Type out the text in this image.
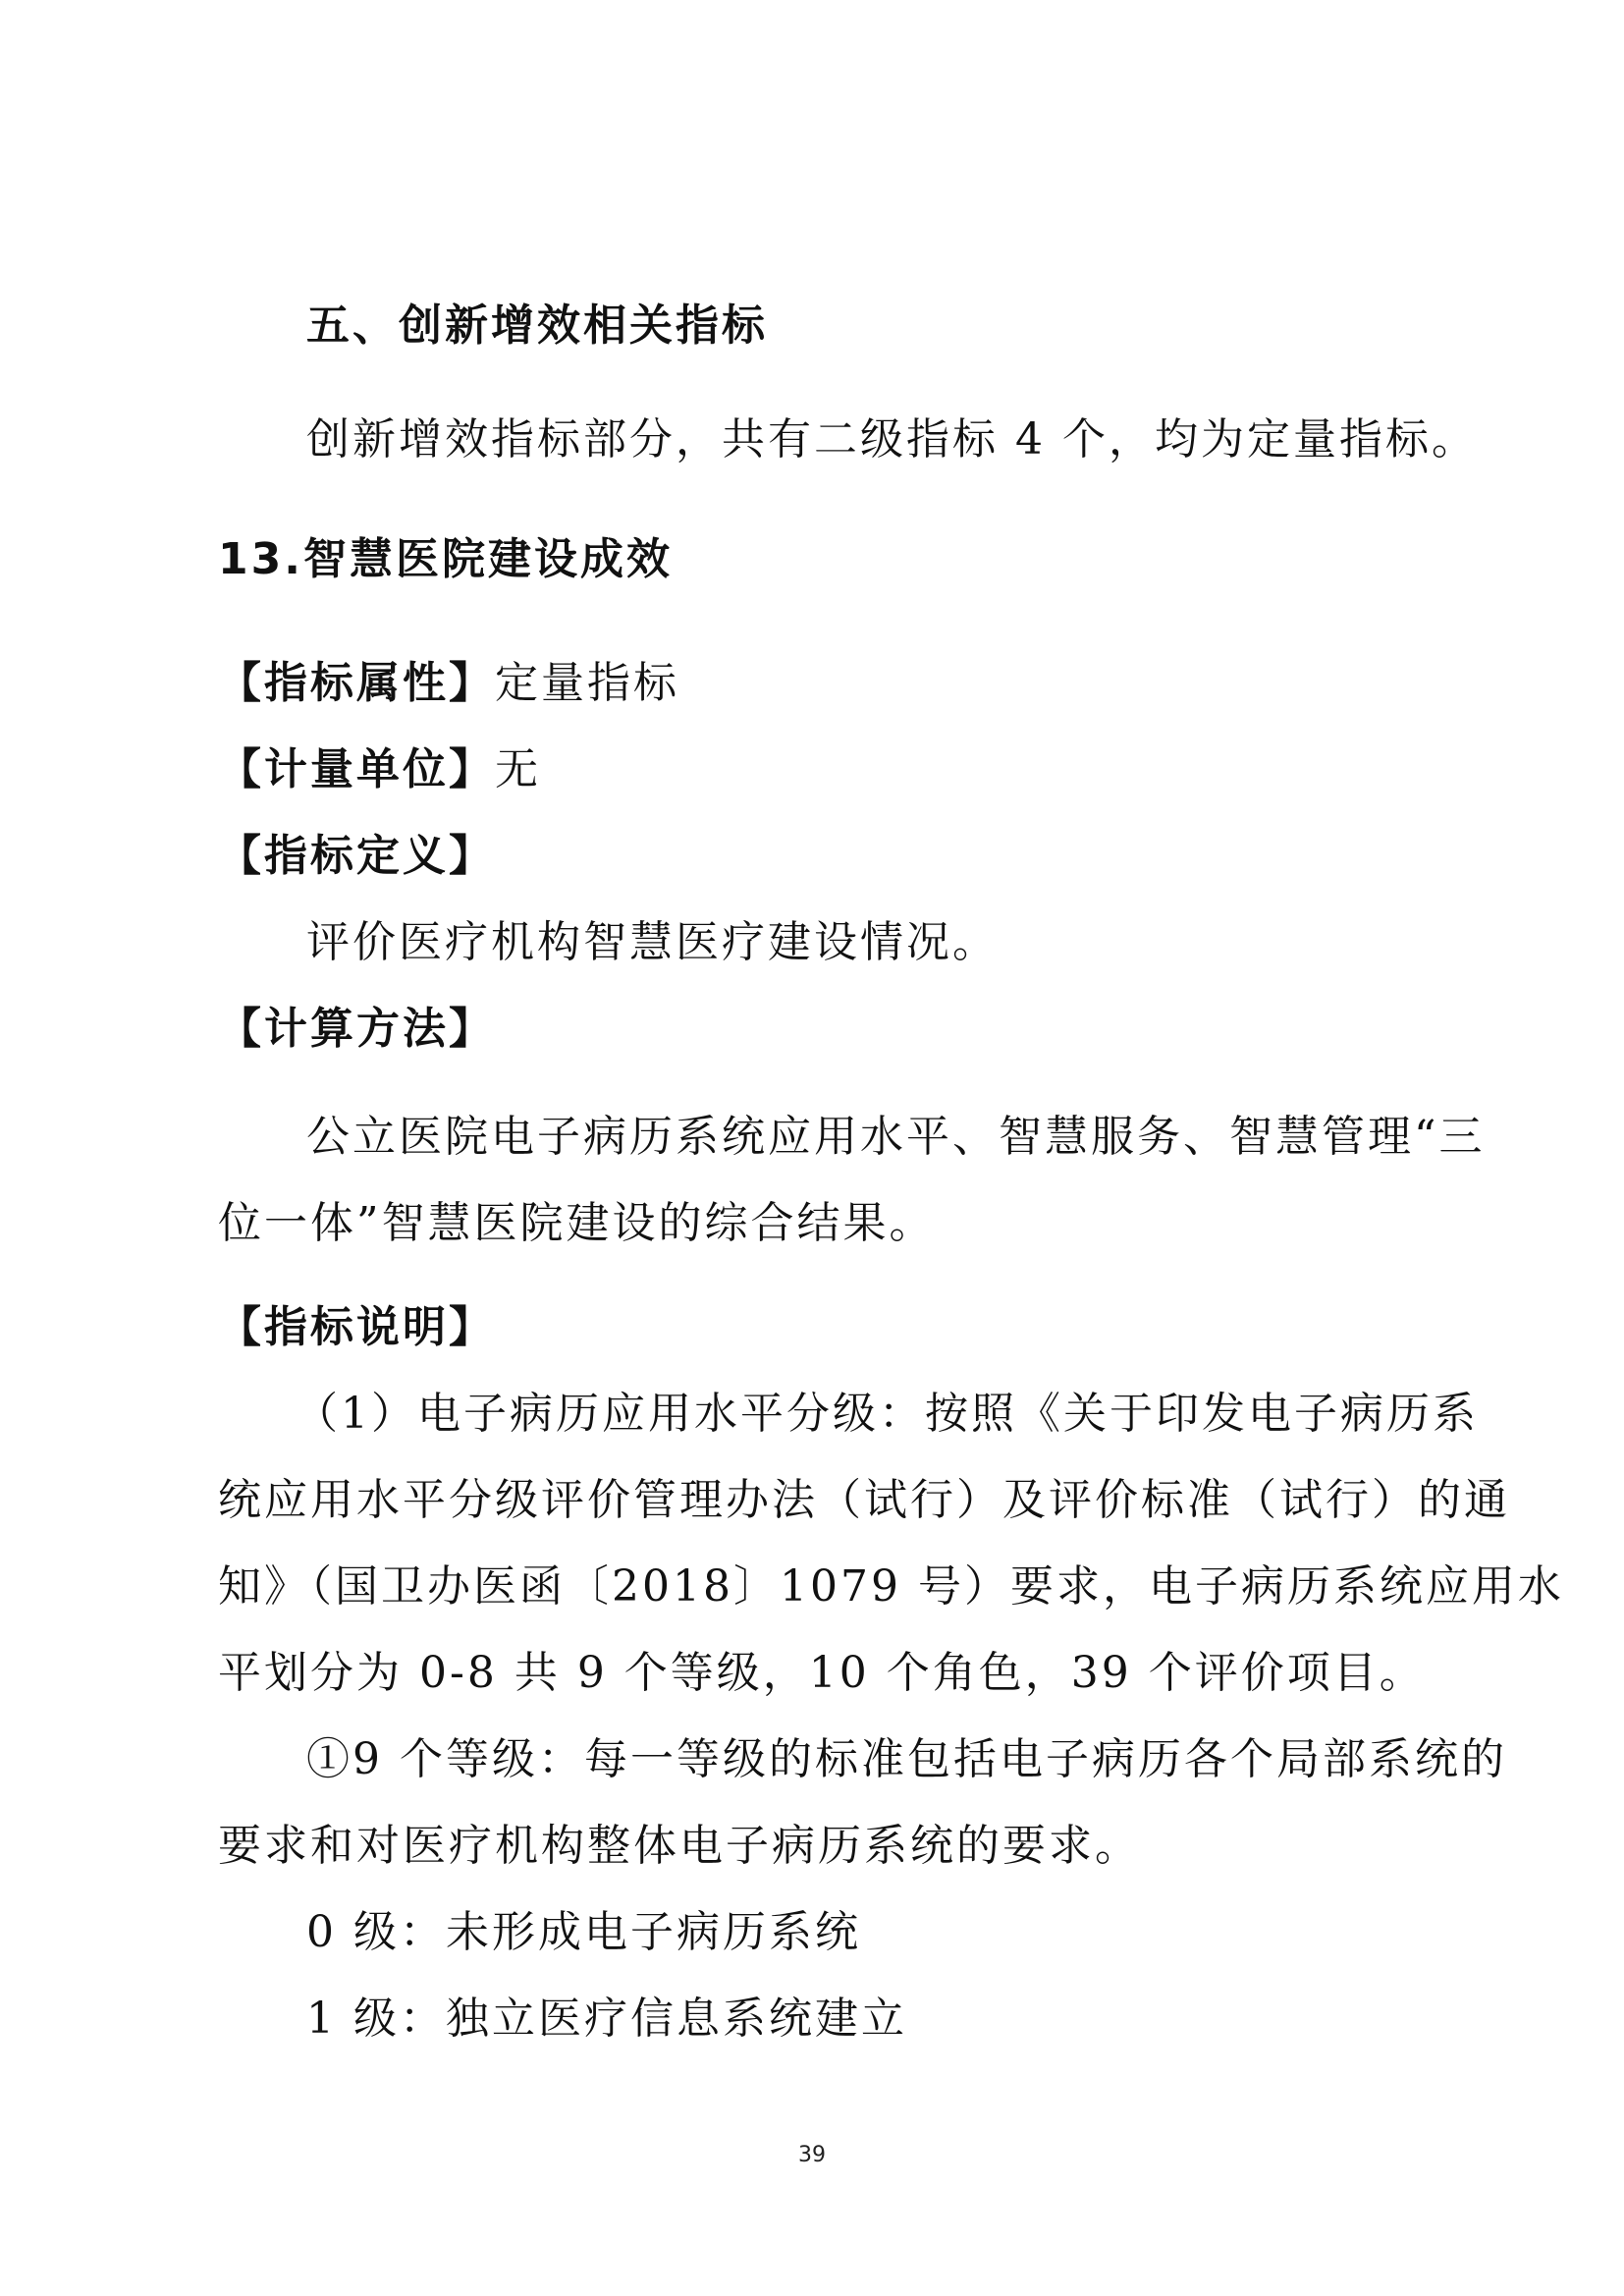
五、创新增效相关指标
创新增效指标部分，共有二级指标 4 个，均为定量指标。
13.智慧医院建设成效
【指标属性】定量指标
【计量单位】无
【指标定义】
评价医疗机构智慧医疗建设情况。
【计算方法】
公立医院电子病历系统应用水平、智慧服务、智慧管理“三
位一体”智慧医院建设的综合结果。
【指标说明】
（1）电子病历应用水平分级：按照《关于印发电子病历系
统应用水平分级评价管理办法（试行）及评价标准（试行）的通
知》（国卫办医函〔2018〕1079 号）要求，电子病历系统应用水
平划分为 0-8 共 9 个等级，10 个角色，39 个评价项目。
①9 个等级：每一等级的标准包括电子病历各个局部系统的
要求和对医疗机构整体电子病历系统的要求。
0 级：未形成电子病历系统
1 级：独立医疗信息系统建立
39
